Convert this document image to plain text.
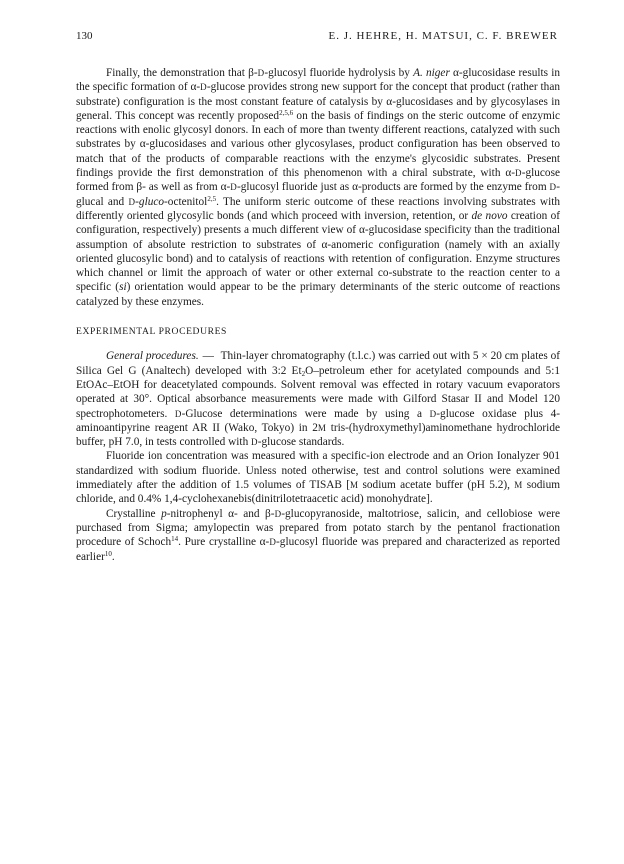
130	E. J. HEHRE, H. MATSUI, C. F. BREWER

Finally, the demonstration that β-D-glucosyl fluoride hydrolysis by A. niger α-glucosidase results in the specific formation of α-D-glucose provides strong new support for the concept that product (rather than substrate) configuration is the most constant feature of catalysis by α-glucosidases and by glycosylases in general. This concept was recently proposed$^{2,5,6}$ on the basis of findings on the steric outcome of enzymic reactions with enolic glycosyl donors. In each of more than twenty different reactions, catalyzed with such substrates by α-glucosidases and various other glycosylases, product configuration has been observed to match that of the products of comparable reactions with the enzyme's glycosidic substrates. Present findings provide the first demonstration of this phenomenon with a chiral substrate, with α-D-glucose formed from β- as well as from α-D-glucosyl fluoride just as α-products are formed by the enzyme from D-glucal and D-gluco-octenitol$^{2,5}$. The uniform steric outcome of these reactions involving substrates with differently oriented glycosylic bonds (and which proceed with inversion, retention, or de novo creation of configuration, respectively) presents a much different view of α-glucosidase specificity than the traditional assumption of absolute restriction to substrates of α-anomeric configuration (namely with an axially oriented glucosylic bond) and to catalysis of reactions with retention of configuration. Enzyme structures which channel or limit the approach of water or other external co-substrate to the reaction center to a specific (si) orientation would appear to be the primary determinants of the steric outcome of reactions catalyzed by these enzymes.

EXPERIMENTAL PROCEDURES

General procedures. — Thin-layer chromatography (t.l.c.) was carried out with 5 × 20 cm plates of Silica Gel G (Analtech) developed with 3:2 $Et_2O$–petroleum ether for acetylated compounds and 5:1 EtOAc–EtOH for deacetylated compounds. Solvent removal was effected in rotary vacuum evaporators operated at 30°. Optical absorbance measurements were made with Gilford Stasar II and Model 120 spectrophotometers. D-Glucose determinations were made by using a D-glucose oxidase plus 4-aminoantipyrine reagent AR II (Wako, Tokyo) in 2M tris-(hydroxymethyl)aminomethane hydrochloride buffer, pH 7.0, in tests controlled with D-glucose standards.

Fluoride ion concentration was measured with a specific-ion electrode and an Orion Ionalyzer 901 standardized with sodium fluoride. Unless noted otherwise, test and control solutions were examined immediately after the addition of 1.5 volumes of TISAB [M sodium acetate buffer (pH 5.2), M sodium chloride, and 0.4% 1,4-cyclohexanebis(dinitrilotetraacetic acid) monohydrate].

Crystalline p-nitrophenyl α- and β-D-glucopyranoside, maltotriose, salicin, and cellobiose were purchased from Sigma; amylopectin was prepared from potato starch by the pentanol fractionation procedure of Schoch$^{14}$. Pure crystalline α-D-glucosyl fluoride was prepared and characterized as reported earlier$^{10}$.
